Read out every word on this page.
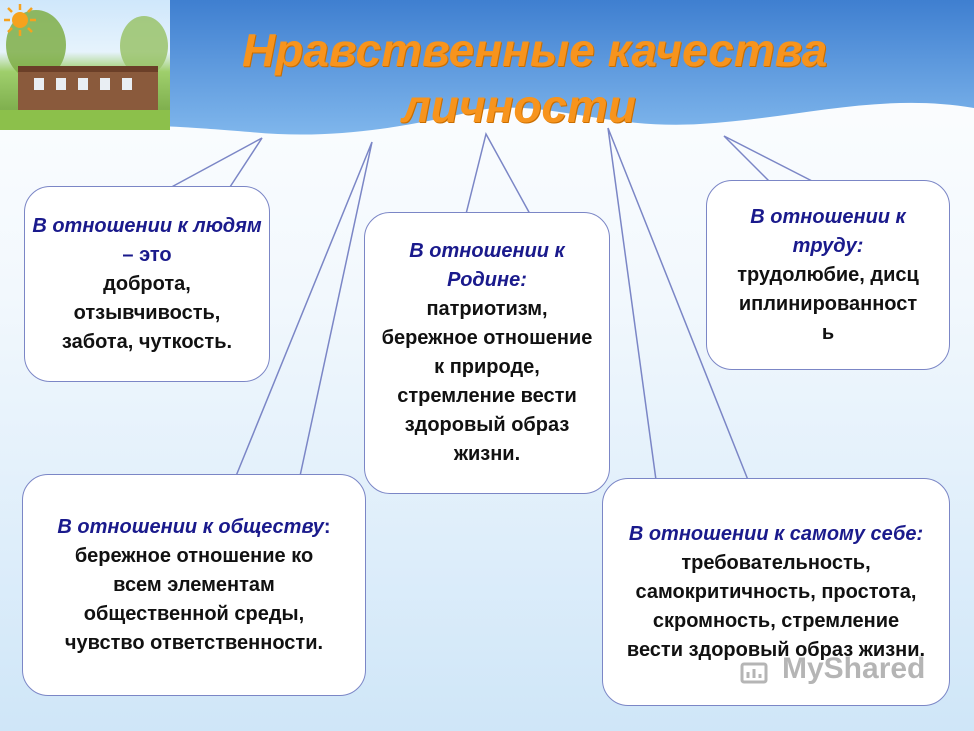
Нравственные качества
личности
В отношении к людям – это
доброта, отзывчивость, забота, чуткость.
В отношении к Родине:
патриотизм, бережное отношение к природе, стремление вести здоровый образ жизни.
В отношении к труду:
трудолюбие, дисциплинированность
В отношении к обществу:
бережное отношение ко всем элементам общественной среды, чувство ответственности.
В отношении к самому себе:
требовательность, самокритичность, простота, скромность, стремление вести здоровый образ жизни.
MyShared
